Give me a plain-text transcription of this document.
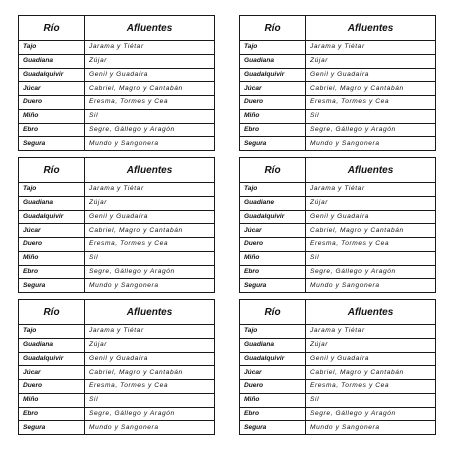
Río	Afluentes
Tajo	Jarama y Tiétar
Guadiana	Zújar
Guadalquivir	Genil y Guadaira
Júcar	Cabriel, Magro y Cantabán
Duero	Eresma, Tormes y Cea
Miño	Sil
Ebro	Segre, Gállego y Aragón
Segura	Mundo y Sangonera
Río	Afluentes
Tajo	Jarama y Tiétar
Guadiana	Zújar
Guadalquivir	Genil y Guadaira
Júcar	Cabriel, Magro y Cantabán
Duero	Eresma, Tormes y Cea
Miño	Sil
Ebro	Segre, Gállego y Aragón
Segura	Mundo y Sangonera
Río	Afluentes
Tajo	Jarama y Tiétar
Guadiana	Zújar
Guadalquivir	Genil y Guadaira
Júcar	Cabriel, Magro y Cantabán
Duero	Eresma, Tormes y Cea
Miño	Sil
Ebro	Segre, Gállego y Aragón
Segura	Mundo y Sangonera
Río	Afluentes
Tajo	Jarama y Tiétar
Guadiane	Zújar
Guadalquivir	Genil y Guadaira
Júcar	Cabriel, Magro y Cantabán
Duero	Eresma, Tormes y Cea
Miño	Sil
Ebro	Segre, Gállego y Aragón
Segura	Mundo y Sangonera
Río	Afluentes
Tajo	Jarama y Tiétar
Guadiana	Zújar
Guadalquivir	Genil y Guadaira
Júcar	Cabriel, Magro y Cantabán
Duero	Eresma, Tormes y Cea
Miño	Sil
Ebro	Segre, Gállego y Aragón
Segura	Mundo y Sangonera
Río	Afluentes
Tajo	Jarama y Tiétar
Guadiana	Zújar
Guadalquivir	Genil y Guadaira
Júcar	Cabriel, Magro y Cantabán
Duero	Eresma, Tormes y Cea
Miño	Sil
Ebro	Segre, Gállego y Aragón
Segura	Mundo y Sangonera
